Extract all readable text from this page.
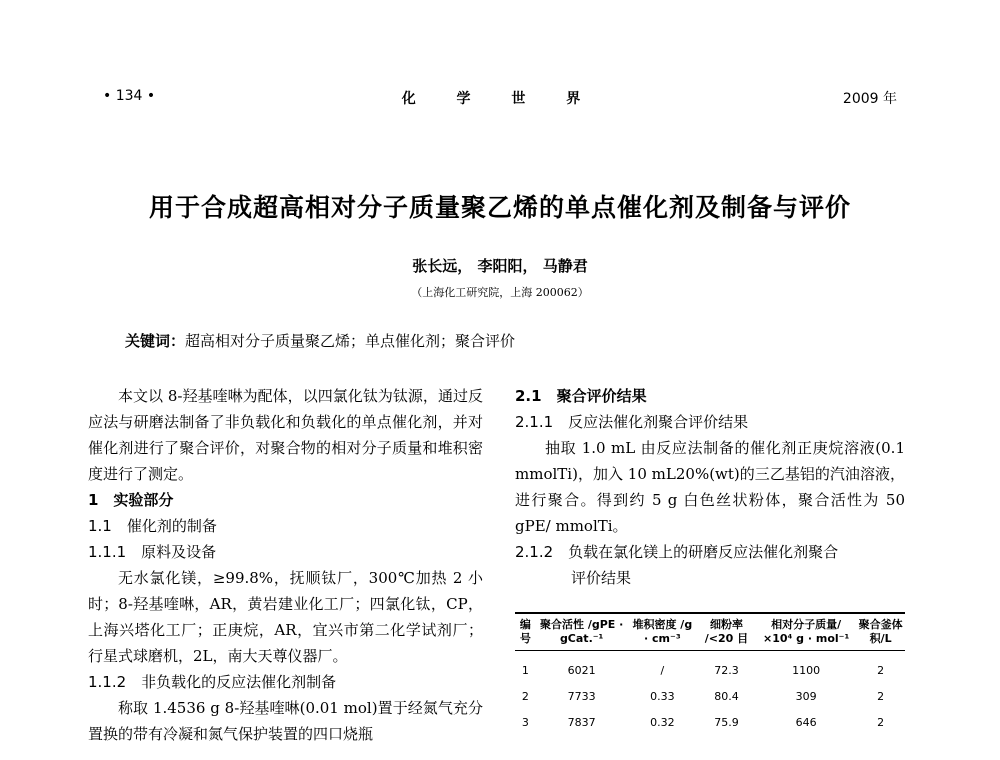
• 134 •	化 学 世 界	2009 年
用于合成超高相对分子质量聚乙烯的单点催化剂及制备与评价
张长远， 李阳阳， 马静君
（上海化工研究院，上海 200062）
关键词：超高相对分子质量聚乙烯；单点催化剂；聚合评价

本文以 8-羟基喹啉为配体，以四氯化钛为钛源，通过反应法与研磨法制备了非负载化和负载化的单点催化剂，并对催化剂进行了聚合评价，对聚合物的相对分子质量和堆积密度进行了测定。

1　实验部分

1.1　催化剂的制备

1.1.1　原料及设备

无水氯化镁，≥99.8%，抚顺钛厂，300℃加热 2 小时；8-羟基喹啉，AR，黄岩建业化工厂；四氯化钛，CP，上海兴塔化工厂；正庚烷，AR，宜兴市第二化学试剂厂；行星式球磨机，2L，南大天尊仪器厂。

1.1.2　非负载化的反应法催化剂制备

称取 1.4536 g 8-羟基喹啉(0.01 mol)置于经氮气充分置换的带有冷凝和氮气保护装置的四口烧瓶

2.1　聚合评价结果

2.1.1　反应法催化剂聚合评价结果

抽取 1.0 mL 由反应法制备的催化剂正庚烷溶液(0.1 mmolTi)，加入 10 mL20%(wt)的三乙基铝的汽油溶液，进行聚合。得到约 5 g 白色丝状粉体，聚合活性为 50 gPE/ mmolTi。

2.1.2　负载在氯化镁上的研磨反应法催化剂聚合

评价结果

编号	聚合活性 /gPE · gCat.⁻¹	堆积密度 /g · cm⁻³	细粉率 /<20 目	相对分子质量/×10⁴ g · mol⁻¹	聚合釜体积/L
1	6021	/	72.3	1100	2
2	7733	0.33	80.4	309	2
3	7837	0.32	75.9	646	2
